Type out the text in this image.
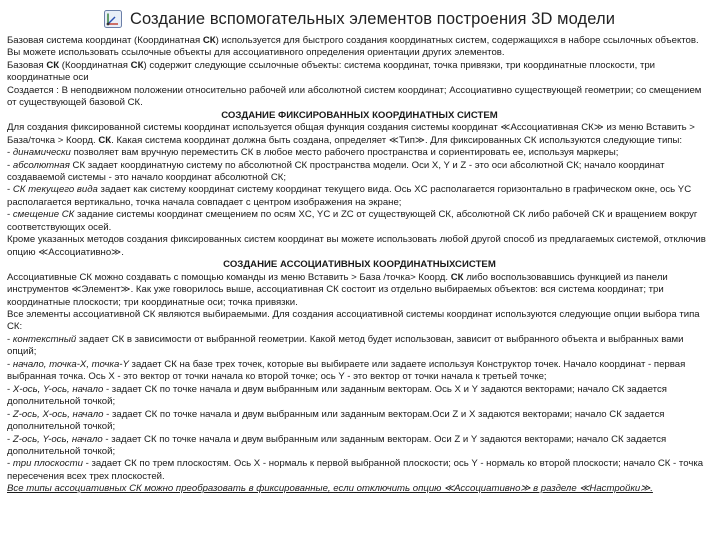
Создание вспомогательных элементов построения 3D модели

Базовая система координат (Координатная СК) используется для быстрого создания координатных систем, содержащихся в наборе ссылочных объектов. Вы можете использовать ссылочные объекты для ассоциативного определения ориентации других элементов.

Базовая СК (Координатная СК) содержит следующие ссылочные объекты: система координат, точка привязки, три координатные плоскости, три координатные оси

Создается : В неподвижном положении относительно рабочей или абсолютной систем координат; Ассоциативно существующей геометрии; со смещением от существующей базовой СК.

СОЗДАНИЕ ФИКСИРОВАННЫХ КООРДИНАТНЫХ СИСТЕМ

Для создания фиксированной системы координат используется общая функция создания системы координат ≪Ассоциативная СК≫ из меню Вставить > База/точка > Коорд. СК. Какая система координат должна быть создана, определяет ≪Тип≫. Для фиксированных СК используются следующие типы:

- динамически позволяет вам вручную переместить СК в любое место рабочего пространства и сориентировать ее, используя маркеры;

- абсолютная СК задает координатную систему по абсолютной СК пространства модели. Оси X, Y и Z - это оси абсолютной СК; начало координат создаваемой системы - это начало координат абсолютной СК;

- СК текущего вида задает как систему координат систему координат текущего вида. Ось XC располагается горизонтально в графическом окне, ось YC располагается вертикально, точка начала совпадает с центром изображения на экране;

- смещение СК задание системы координат смещением по осям XC, YC и ZC от существующей СК, абсолютной СК либо рабочей СК и вращением вокруг соответствующих осей.

Кроме указанных методов создания фиксированных систем координат вы можете использовать любой другой способ из предлагаемых системой, отключив опцию ≪Ассоциативно≫.

СОЗДАНИЕ АССОЦИАТИВНЫХ КООРДИНАТНЫХСИСТЕМ

Ассоциативные СК можно создавать с помощью команды из меню Вставить > База /точка> Коорд. СК либо воспользовавшись функцией из панели инструментов ≪Элемент≫. Как уже говорилось выше, ассоциативная СК состоит из отдельно выбираемых объектов: вся система координат; три координатные плоскости; три координатные оси; точка привязки.

Все элементы ассоциативной СК являются выбираемыми. Для создания ассоциативной системы координат используются следующие опции выбора типа СК:

- контекстный задает СК в зависимости от выбранной геометрии. Какой метод будет использован, зависит от выбранного объекта и выбранных вами опций;

- начало, точка-X, точка-Y задает СК на базе трех точек, которые вы выбираете или задаете используя Конструктор точек. Начало координат - первая выбранная точка. Ось X - это вектор от точки начала ко второй точке; ось Y - это вектор от точки начала к третьей точке;

- X-ось, Y-ось, начало - задает СК по точке начала и двум выбранным или заданным векторам. Ось X и Y задаются векторами; начало СК задается дополнительной точкой;

- Z-ось, X-ось, начало - задает СК по точке начала и двум выбранным или заданным векторам.Оси Z и X задаются векторами; начало СК задается дополнительной точкой;

- Z-ось, Y-ось, начало - задает СК по точке начала и двум выбранным или заданным векторам. Оси Z и Y задаются векторами; начало СК задается дополнительной точкой;

- три плоскости - задает СК по трем плоскостям. Ось X - нормаль к первой выбранной плоскости; ось Y - нормаль ко второй плоскости; начало СК - точка пересечения всех трех плоскостей.

Все типы ассоциативных СК можно преобразовать в фиксированные, если отключить опцию ≪Ассоциативно≫ в разделе ≪Настройки≫.
